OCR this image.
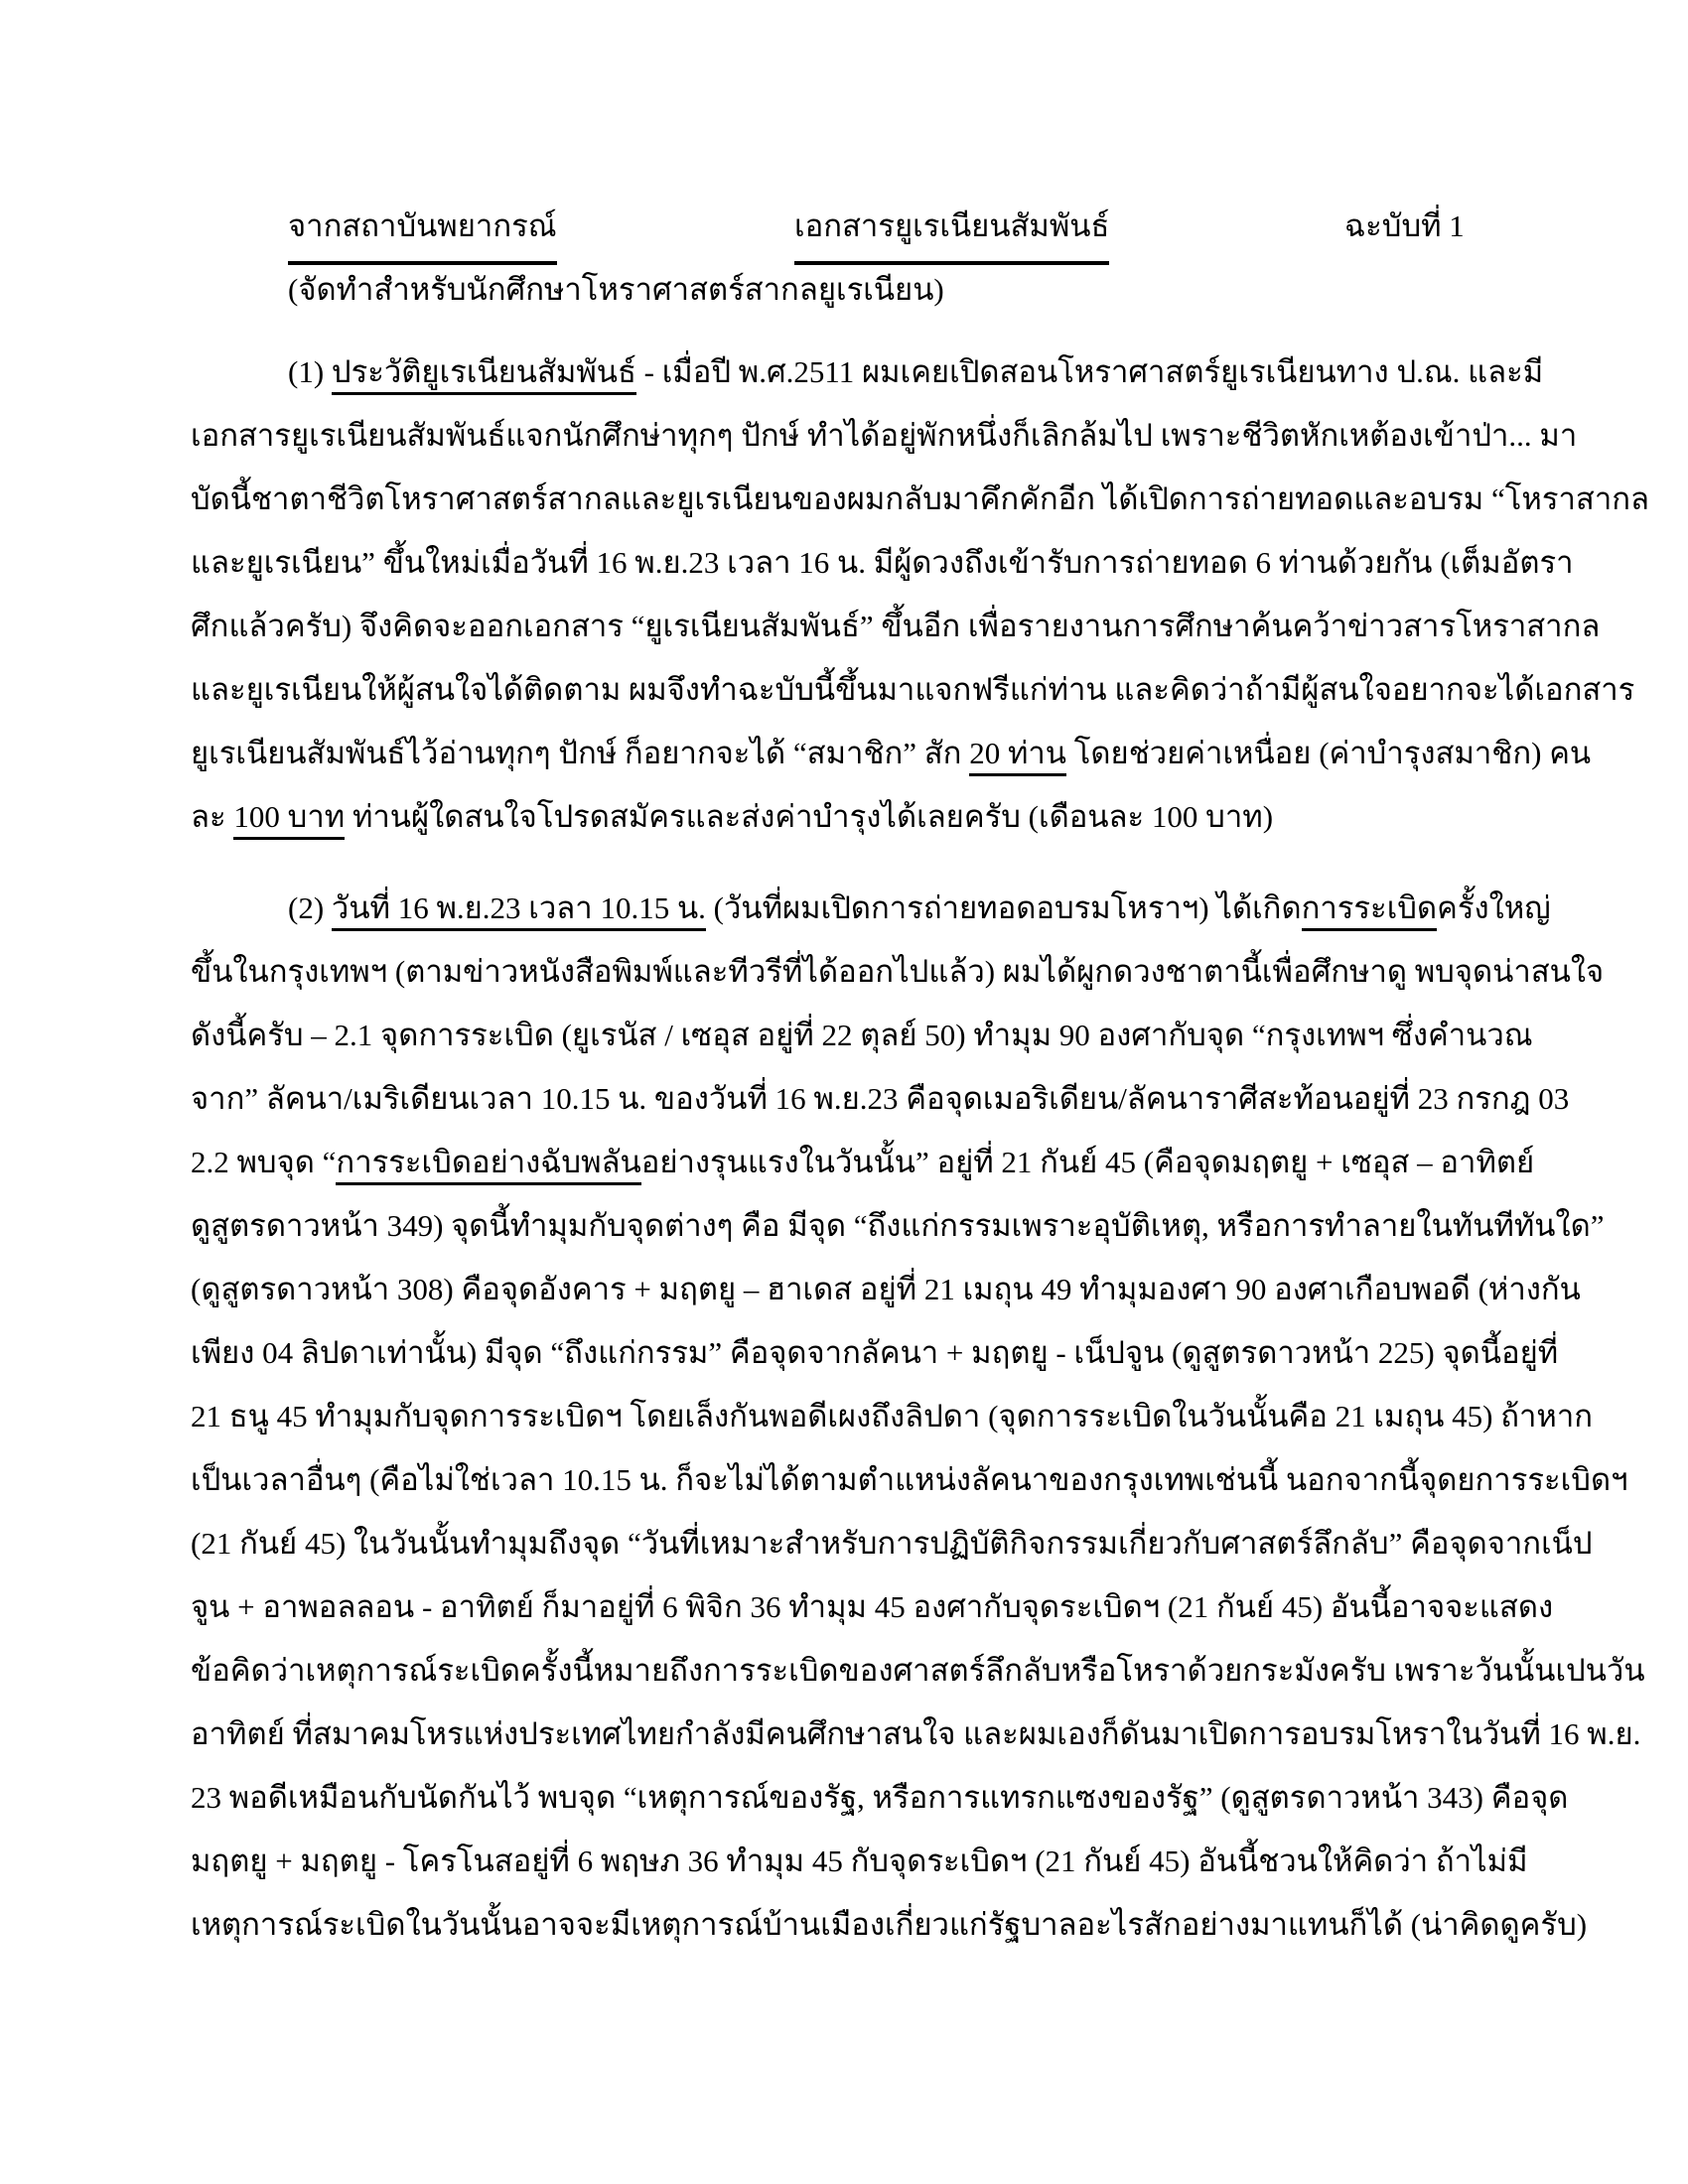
จากสถาบันพยากรณ์	เอกสารยูเรเนียนสัมพันธ์	ฉะบับที่ 1
(จัดทำสำหรับนักศึกษาโหราศาสตร์สากลยูเรเนียน)
(1) ประวัติยูเรเนียนสัมพันธ์ - เมื่อปี พ.ศ.2511 ผมเคยเปิดสอนโหราศาสตร์ยูเรเนียนทาง ป.ณ. และมี
เอกสารยูเรเนียนสัมพันธ์แจกนักศึกษ่าทุกๆ ปักษ์ ทำได้อยู่พักหนึ่งก็เลิกล้มไป เพราะชีวิตหักเหต้องเข้าป่า... มา
บัดนี้ชาตาชีวิตโหราศาสตร์สากลและยูเรเนียนของผมกลับมาคึกคักอีก ได้เปิดการถ่ายทอดและอบรม “โหราสากล
และยูเรเนียน” ขึ้นใหม่เมื่อวันที่ 16 พ.ย.23 เวลา 16 น. มีผู้ดวงถึงเข้ารับการถ่ายทอด 6 ท่านด้วยกัน (เต็มอัตรา
ศึกแล้วครับ) จึงคิดจะออกเอกสาร “ยูเรเนียนสัมพันธ์” ขึ้นอีก เพื่อรายงานการศึกษาค้นคว้าข่าวสารโหราสากล
และยูเรเนียนให้ผู้สนใจได้ติดตาม ผมจึงทำฉะบับนี้ขึ้นมาแจกฟรีแก่ท่าน และคิดว่าถ้ามีผู้สนใจอยากจะได้เอกสาร
ยูเรเนียนสัมพันธ์ไว้อ่านทุกๆ ปักษ์ ก็อยากจะได้ “สมาชิก” สัก 20 ท่าน โดยช่วยค่าเหนื่อย (ค่าบำรุงสมาชิก) คน
ละ 100 บาท ท่านผู้ใดสนใจโปรดสมัครและส่งค่าบำรุงได้เลยครับ (เดือนละ 100 บาท)
(2) วันที่ 16 พ.ย.23 เวลา 10.15 น. (วันที่ผมเปิดการถ่ายทอดอบรมโหราฯ) ได้เกิดการระเบิดครั้งใหญ่
ขึ้นในกรุงเทพฯ (ตามข่าวหนังสือพิมพ์และทีวรีที่ได้ออกไปแล้ว) ผมได้ผูกดวงชาตานี้เพื่อศึกษาดู พบจุดน่าสนใจ
ดังนี้ครับ – 2.1 จุดการระเบิด (ยูเรนัส / เซอุส อยู่ที่ 22 ตุลย์ 50) ทำมุม 90 องศากับจุด “กรุงเทพฯ ซึ่งคำนวณ
จาก” ลัคนา/เมริเดียนเวลา 10.15 น. ของวันที่ 16 พ.ย.23 คือจุดเมอริเดียน/ลัคนาราศีสะท้อนอยู่ที่ 23 กรกฎ 03
2.2 พบจุด “การระเบิดอย่างฉับพลันอย่างรุนแรงในวันนั้น” อยู่ที่ 21 กันย์ 45 (คือจุดมฤตยู + เซอุส – อาทิตย์
ดูสูตรดาวหน้า 349) จุดนี้ทำมุมกับจุดต่างๆ คือ มีจุด “ถึงแก่กรรมเพราะอุบัติเหตุ, หรือการทำลายในทันทีทันใด”
(ดูสูตรดาวหน้า 308) คือจุดอังคาร + มฤตยู – ฮาเดส อยู่ที่ 21 เมถุน 49 ทำมุมองศา 90 องศาเกือบพอดี (ห่างกัน
เพียง 04 ลิปดาเท่านั้น) มีจุด “ถึงแก่กรรม” คือจุดจากลัคนา + มฤตยู - เน็ปจูน (ดูสูตรดาวหน้า 225) จุดนี้อยู่ที่
21 ธนู 45 ทำมุมกับจุดการระเบิดฯ โดยเล็งกันพอดีเผงถึงลิปดา (จุดการระเบิดในวันนั้นคือ 21 เมถุน 45) ถ้าหาก
เป็นเวลาอื่นๆ (คือไม่ใช่เวลา 10.15 น. ก็จะไม่ได้ตามตำแหน่งลัคนาของกรุงเทพเช่นนี้ นอกจากนี้จุดยการระเบิดฯ
(21 กันย์ 45) ในวันนั้นทำมุมถึงจุด “วันที่เหมาะสำหรับการปฏิบัติกิจกรรมเกี่ยวกับศาสตร์ลึกลับ” คือจุดจากเน็ป
จูน + อาพอลลอน - อาทิตย์ ก็มาอยู่ที่ 6 พิจิก 36 ทำมุม 45 องศากับจุดระเบิดฯ (21 กันย์ 45) อันนี้อาจจะแสดง
ข้อคิดว่าเหตุการณ์ระเบิดครั้งนี้หมายถึงการระเบิดของศาสตร์ลึกลับหรือโหราด้วยกระมังครับ เพราะวันนั้นเปนวัน
อาทิตย์ ที่สมาคมโหรแห่งประเทศไทยกำลังมีคนศึกษาสนใจ และผมเองก็ดันมาเปิดการอบรมโหราในวันที่ 16 พ.ย.
23 พอดีเหมือนกับนัดกันไว้ พบจุด “เหตุการณ์ของรัฐ, หรือการแทรกแซงของรัฐ” (ดูสูตรดาวหน้า 343) คือจุด
มฤตยู + มฤตยู - โครโนสอยู่ที่ 6 พฤษภ 36 ทำมุม 45 กับจุดระเบิดฯ (21 กันย์ 45) อันนี้ชวนให้คิดว่า ถ้าไม่มี
เหตุการณ์ระเบิดในวันนั้นอาจจะมีเหตุการณ์บ้านเมืองเกี่ยวแก่รัฐบาลอะไรสักอย่างมาแทนก็ได้ (น่าคิดดูครับ)
